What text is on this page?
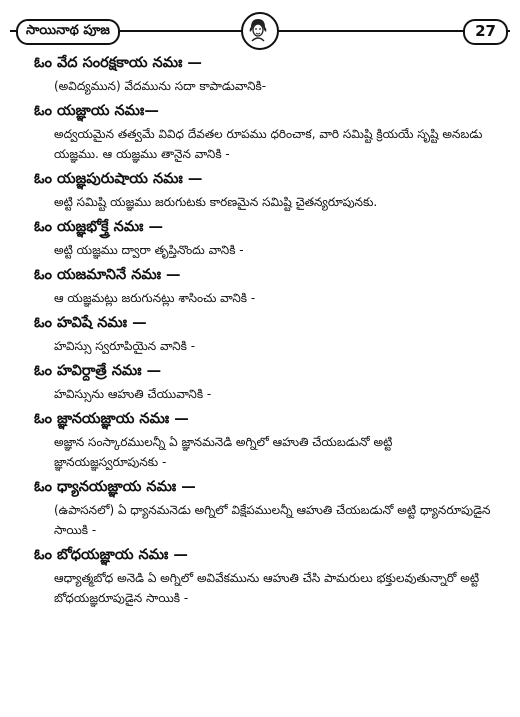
సాయినాథ పూజ	27

ఓం వేద సంరక్షకాయ నమః —

(అవిద్యమున) వేదమును సదా కాపాడువానికి-

ఓం యజ్ఞాయ నమః—

అద్వయమైన తత్వమే వివిధ దేవతల రూపము ధరించాక, వారి సమిష్టి క్రియయే సృష్టి అనబడు యజ్ఞము. ఆ యజ్ఞము తానైన వానికి -

ఓం యజ్ఞపురుషాయ నమః —

అట్టి సమిష్టి యజ్ఞము జరుగుటకు కారణమైన సమిష్టి చైతన్యరూపునకు.

ఓం యజ్ఞభోక్త్రే నమః —

అట్టి యజ్ఞము ద్వారా తృప్తినొందు వానికి -

ఓం యజమానినే నమః —

ఆ యజ్ఞమట్లు జరుగునట్లు శాసించు వానికి -

ఓం హవిషే నమః —

హవిస్సు స్వరూపియైన వానికి -

ఓం హవిర్దాత్రే నమః —

హవిస్సును ఆహుతి చేయువానికి -

ఓం జ్ఞానయజ్ఞాయ నమః —

అజ్ఞాన సంస్కారములన్నీ ఏ జ్ఞానమనెడి అగ్నిలో ఆహుతి చేయబడునో అట్టి జ్ఞానయజ్ఞస్వరూపునకు -

ఓం ధ్యానయజ్ఞాయ నమః —

(ఉపాసనలో) ఏ ధ్యానమనెడు అగ్నిలో విక్షేపములన్నీ ఆహుతి చేయబడునో అట్టి ధ్యానరూపుడైన సాయికి -

ఓం బోధయజ్ఞాయ నమః —

ఆధ్యాత్మబోధ అనెడి ఏ అగ్నిలో అవివేకమును ఆహుతి చేసి పామరులు భక్తులవుతున్నారో అట్టి బోధయజ్ఞరూపుడైన సాయికి -
